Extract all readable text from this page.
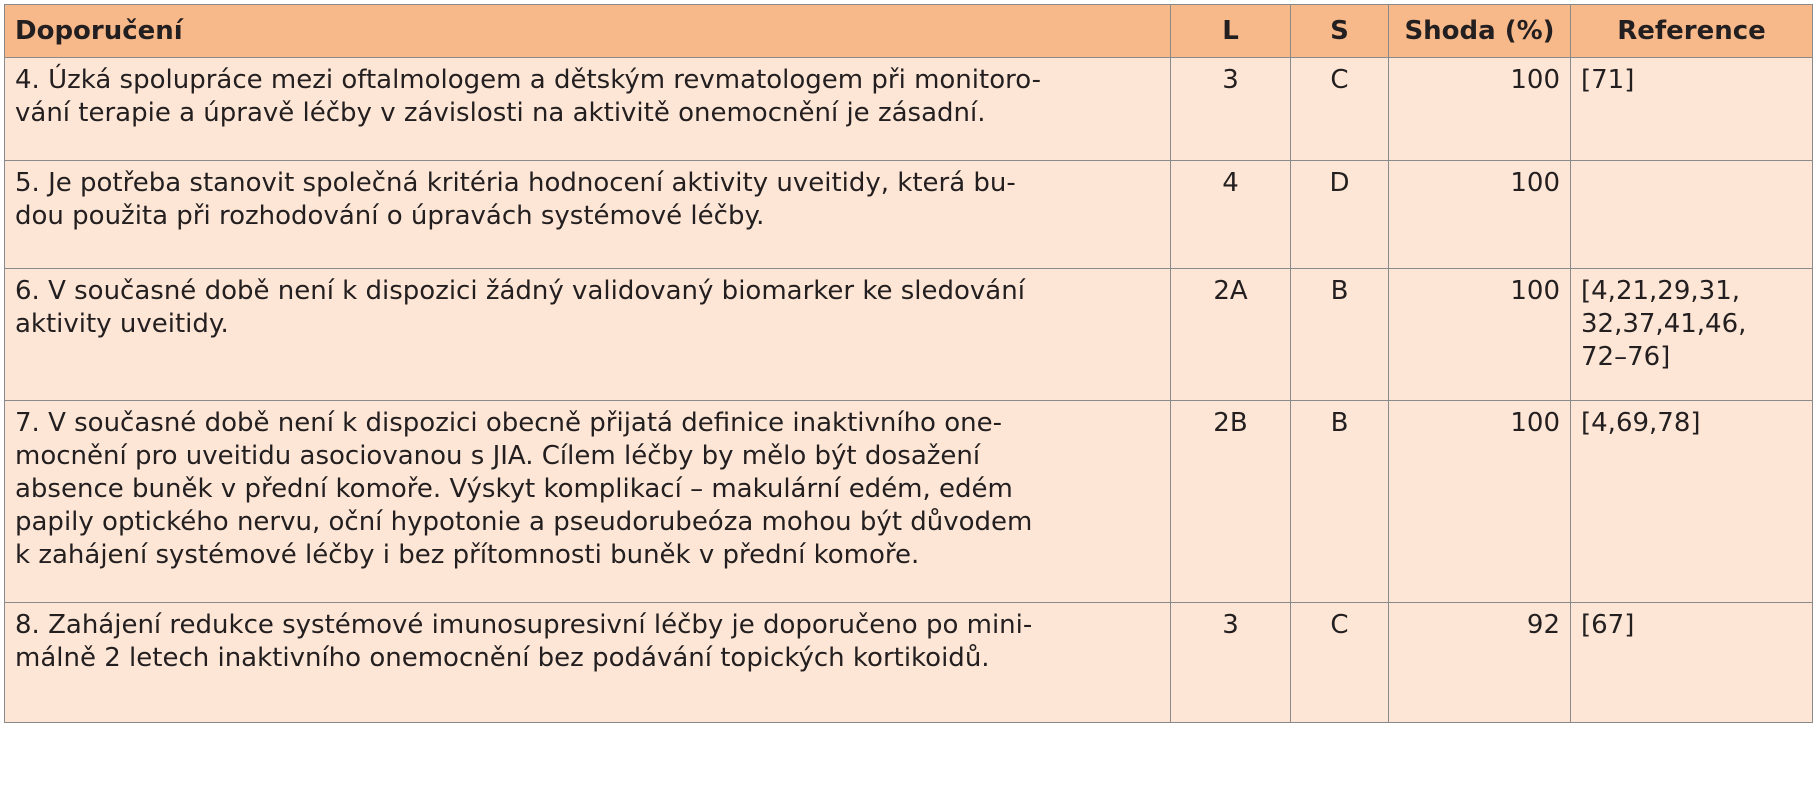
Doporučení	L	S	Shoda (%)	Reference
4. Úzká spolupráce mezi oftalmologem a dětským revmatologem při monitoro-
vání terapie a úpravě léčby v závislosti na aktivitě onemocnění je zásadní.	3	C	100	[71]
5. Je potřeba stanovit společná kritéria hodnocení aktivity uveitidy, která bu-
dou použita při rozhodování o úpravách systémové léčby.	4	D	100	
6. V současné době není k dispozici žádný validovaný biomarker ke sledování
aktivity uveitidy.	2A	B	100	[4,21,29,31,
32,37,41,46,
72–76]
7. V současné době není k dispozici obecně přijatá definice inaktivního one-
mocnění pro uveitidu asociovanou s JIA. Cílem léčby by mělo být dosažení
absence buněk v přední komoře. Výskyt komplikací – makulární edém, edém
papily optického nervu, oční hypotonie a pseudorubeóza mohou být důvodem
k zahájení systémové léčby i bez přítomnosti buněk v přední komoře.	2B	B	100	[4,69,78]
8. Zahájení redukce systémové imunosupresivní léčby je doporučeno po mini-
málně 2 letech inaktivního onemocnění bez podávání topických kortikoidů.	3	C	92	[67]
